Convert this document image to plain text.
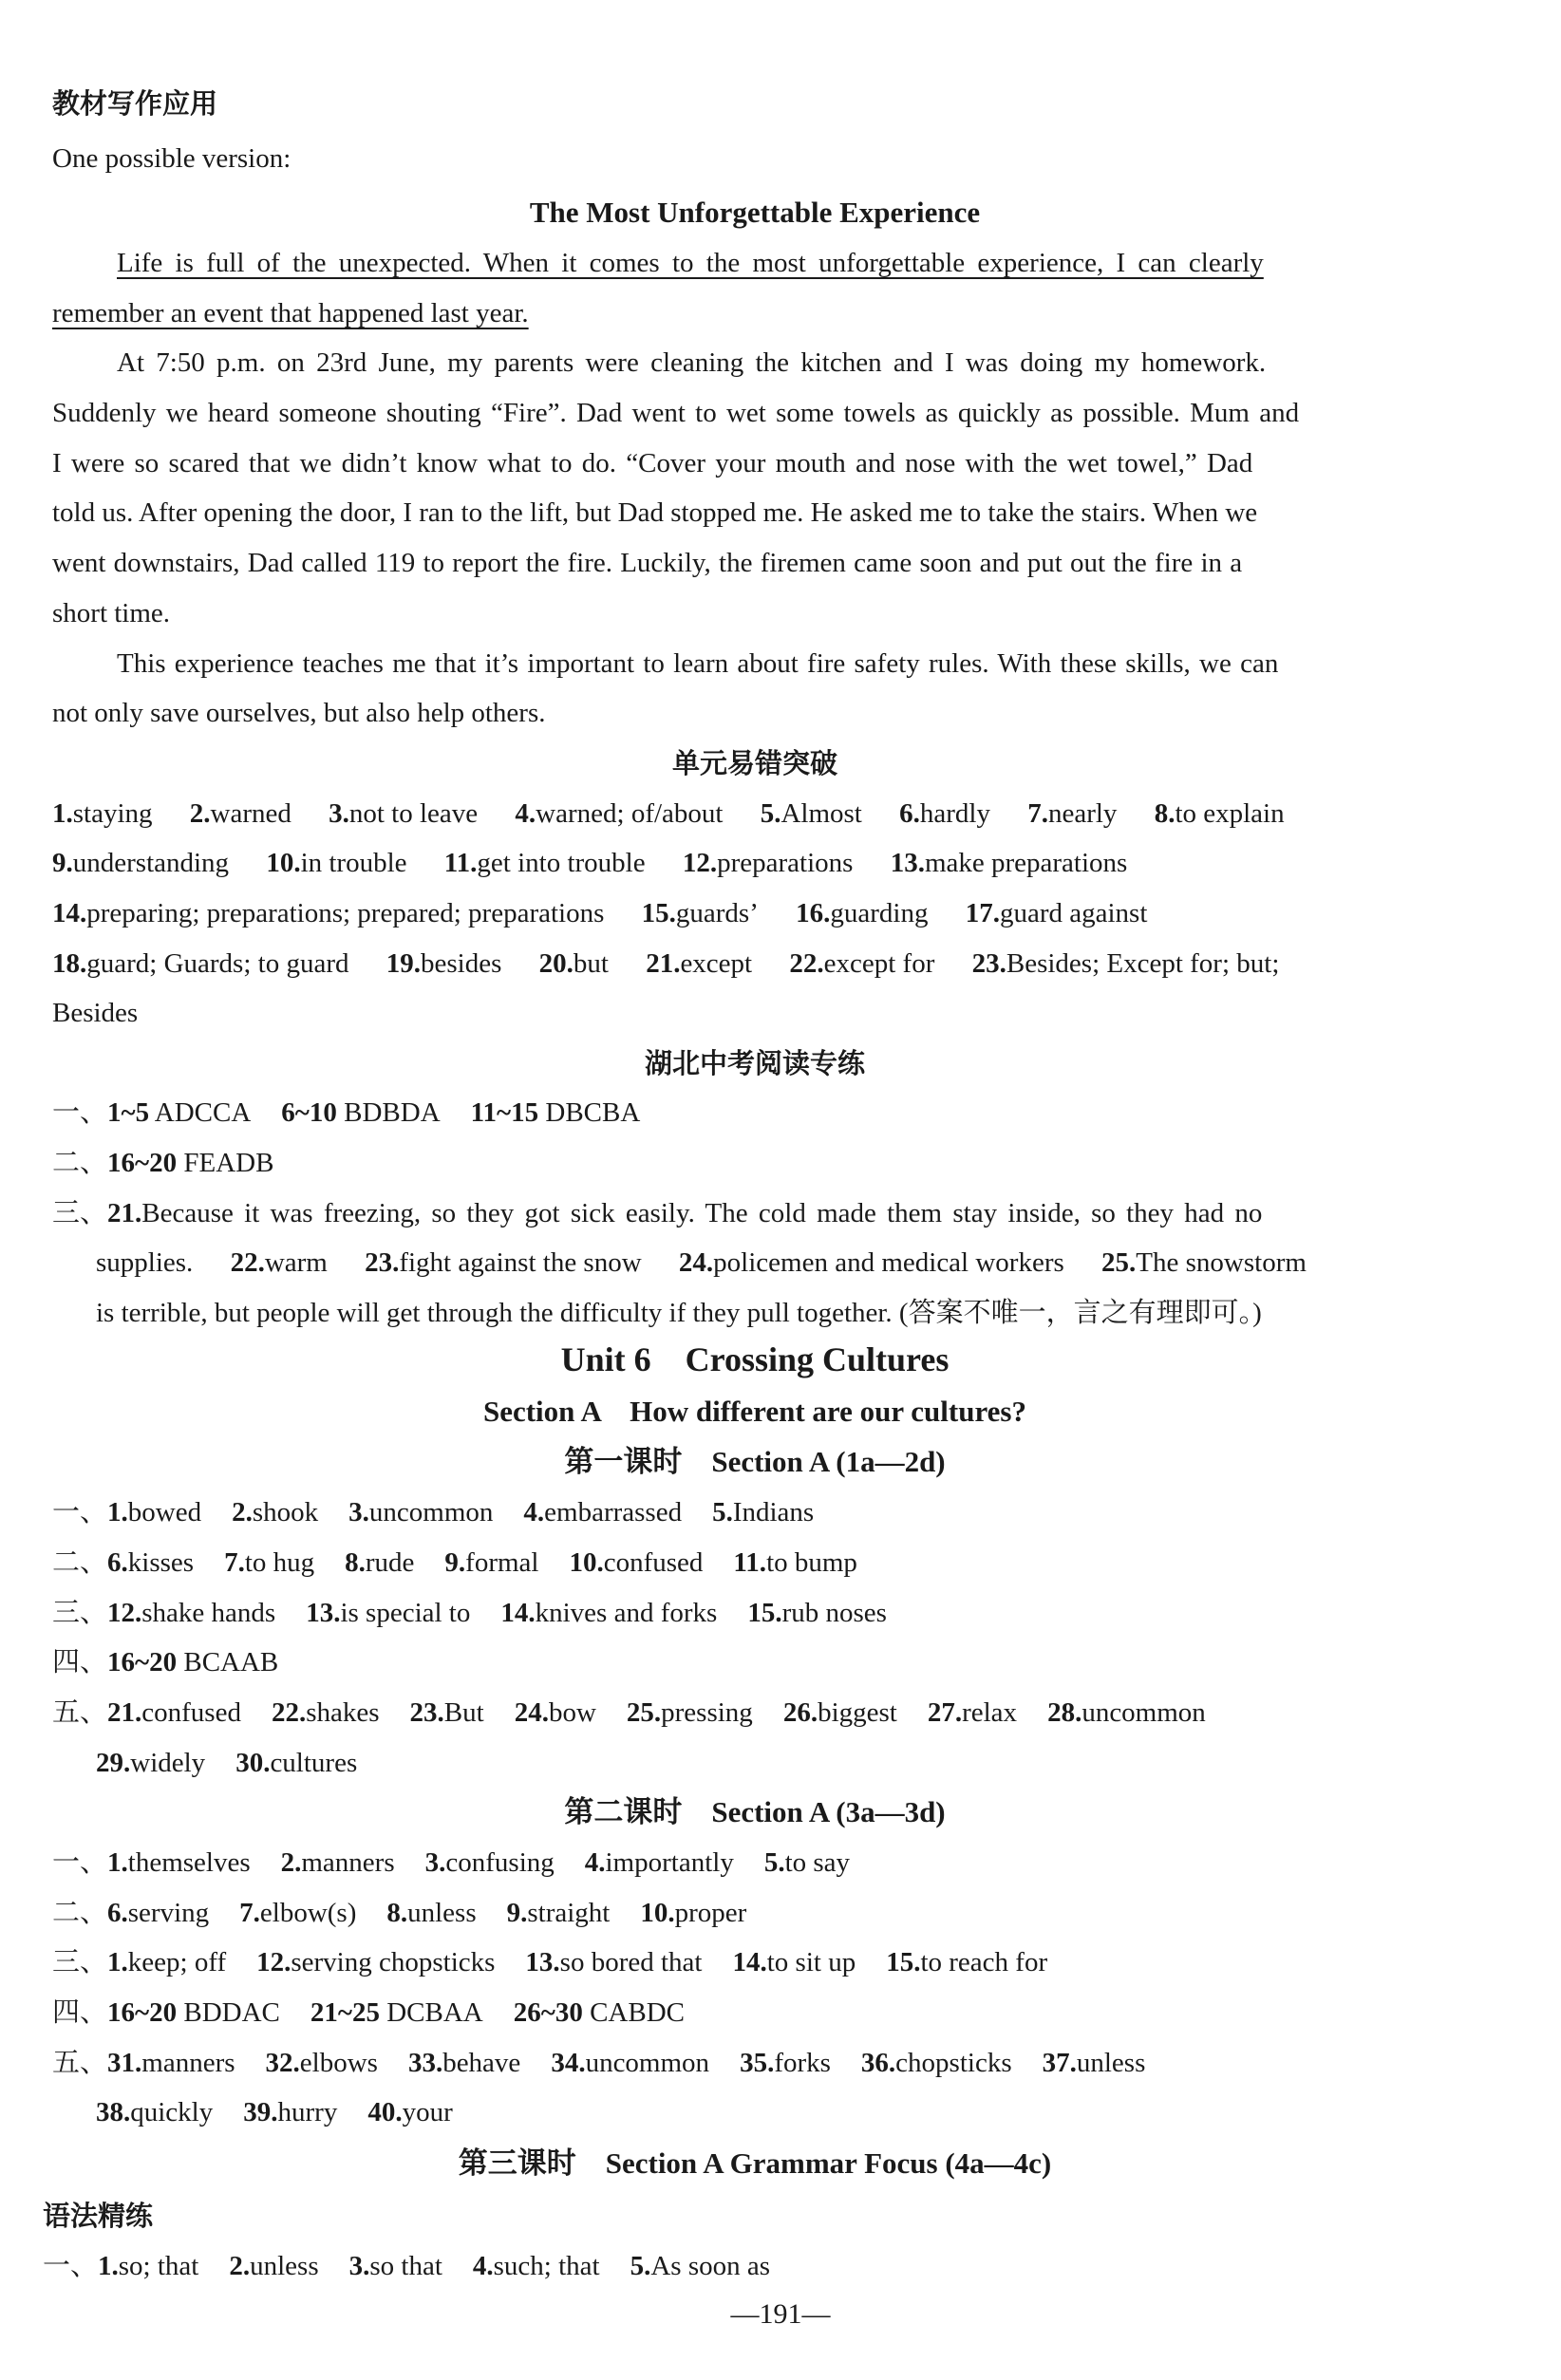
教材写作应用
One possible version:
The Most Unforgettable Experience
Life is full of the unexpected. When it comes to the most unforgettable experience, I can clearly
remember an event that happened last year.
At 7:50 p.m. on 23rd June, my parents were cleaning the kitchen and I was doing my homework.
Suddenly we heard someone shouting “Fire”. Dad went to wet some towels as quickly as possible. Mum and
I were so scared that we didn’t know what to do. “Cover your mouth and nose with the wet towel,” Dad
told us. After opening the door, I ran to the lift, but Dad stopped me. He asked me to take the stairs. When we
went downstairs, Dad called 119 to report the fire. Luckily, the firemen came soon and put out the fire in a
short time.
This experience teaches me that it’s important to learn about fire safety rules. With these skills, we can
not only save ourselves, but also help others.
单元易错突破
1.staying 2.warned 3.not to leave 4.warned; of/about 5.Almost 6.hardly 7.nearly 8.to explain
9.understanding 10.in trouble 11.get into trouble 12.preparations 13.make preparations
14.preparing; preparations; prepared; preparations 15.guards’ 16.guarding 17.guard against
18.guard; Guards; to guard 19.besides 20.but 21.except 22.except for 23.Besides; Except for; but;
Besides
湖北中考阅读专练
一、1~5 ADCCA 6~10 BDBDA 11~15 DBCBA
二、16~20 FEADB
三、21.Because it was freezing, so they got sick easily. The cold made them stay inside, so they had no
supplies. 22.warm 23.fight against the snow 24.policemen and medical workers 25.The snowstorm
is terrible, but people will get through the difficulty if they pull together. (答案不唯一，言之有理即可。)
Unit 6    Crossing Cultures
Section A    How different are our cultures?
第一课时    Section A (1a—2d)
一、1.bowed 2.shook 3.uncommon 4.embarrassed 5.Indians
二、6.kisses 7.to hug 8.rude 9.formal 10.confused 11.to bump
三、12.shake hands 13.is special to 14.knives and forks 15.rub noses
四、16~20 BCAAB
五、21.confused 22.shakes 23.But 24.bow 25.pressing 26.biggest 27.relax 28.uncommon
29.widely 30.cultures
第二课时    Section A (3a—3d)
一、1.themselves 2.manners 3.confusing 4.importantly 5.to say
二、6.serving 7.elbow(s) 8.unless 9.straight 10.proper
三、1.keep; off 12.serving chopsticks 13.so bored that 14.to sit up 15.to reach for
四、16~20 BDDAC 21~25 DCBAA 26~30 CABDC
五、31.manners 32.elbows 33.behave 34.uncommon 35.forks 36.chopsticks 37.unless
38.quickly 39.hurry 40.your
第三课时    Section A Grammar Focus (4a—4c)
语法精练
一、1.so; that 2.unless 3.so that 4.such; that 5.As soon as
—191—
